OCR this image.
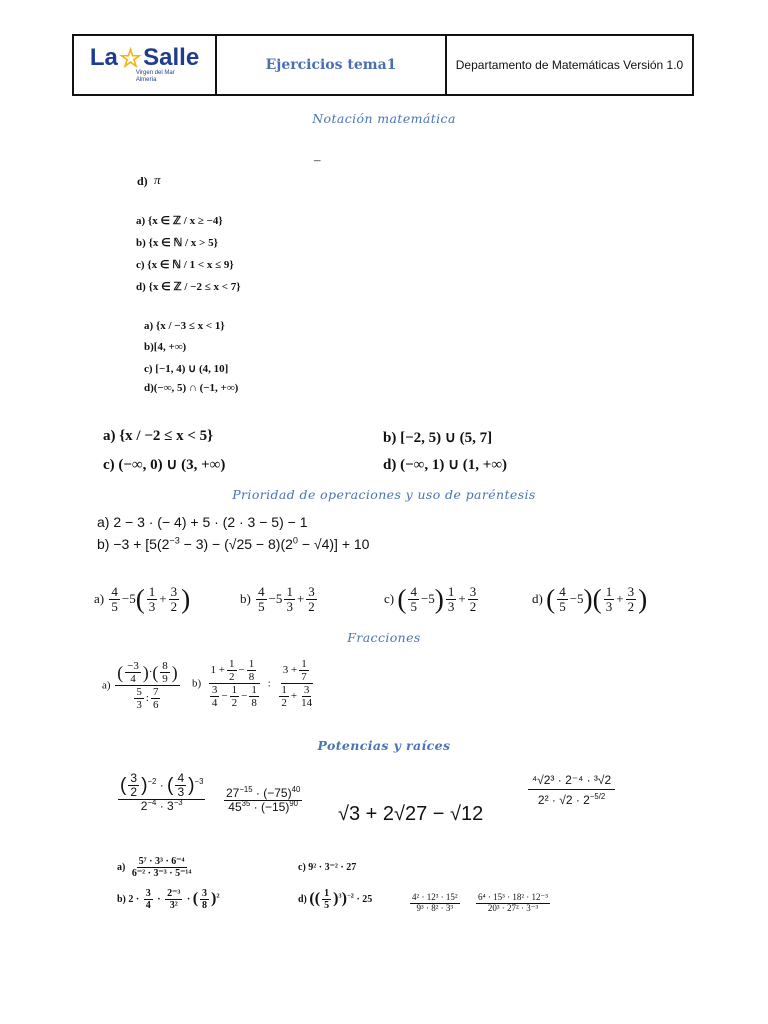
La ☆ Salle
Virgen del Mar
Almería
Ejercicios tema1	Departamento de Matemáticas Versión 1.0
Notación matemática
–
d) π
a) {x ∈ ℤ / x ≥ −4}
b) {x ∈ ℕ / x > 5}
c) {x ∈ ℕ / 1 < x ≤ 9}
d) {x ∈ ℤ / −2 ≤ x < 7}
a) {x / −3 ≤ x < 1}
b)[4, +∞)
c) [−1, 4) ∪ (4, 10]
d)(−∞, 5) ∩ (−1, +∞)
a) {x / −2 ≤ x < 5}
c) (−∞, 0) ∪ (3, +∞)
b) [−2, 5) ∪ (5, 7]
d) (−∞, 1) ∪ (1, +∞)
Prioridad de operaciones y uso de paréntesis
a) 2 − 3 · (− 4) + 5 · (2 · 3 − 5) − 1
$b) -3 + [5(2^{-3} - 3) - (√25 - 8)(2^0 - √4)] + 10$
$a) \frac{4}{5} -5( \frac{1}{3} + \frac{3}{2}$ )	$b) \frac{4}{5} -5 \frac{1}{3} + \frac{3}{2}$	c) ( $\frac{4}{5} -5) \frac{1}{3} + \frac{3}{2}$	d) ( $\frac{4}{5} -5)( \frac{1}{3} + \frac{3}{2}$ )
Fracciones
$a) \frac{( \frac{-3}{4} )\cdot( \frac{8}{9} )}{\frac{5}{3} : \frac{7}{6}} b) \frac{1 + \frac{1}{2} - \frac{1}{8}}{\frac{3}{4} - \frac{1}{2} - \frac{1}{8}}$ : $\frac{3 + \frac{1}{7}}{\frac{1}{2} + \frac{3}{14}}$
Potencias y raíces
$\frac{( \frac{3}{2} )^{-2} \cdot ( \frac{4}{3} )^{-3}}{2^{-4} \cdot 3^{-3}} \frac{27^{-15} \cdot (-75)^{40}}{45^{35} \cdot (-15)^{90}} √3 + 2√27 - √12$
$\frac{\text{⁴√2³ · 2⁻⁴ · ³√2}}{2^2 \cdot √2 \cdot 2^{-5/2}}$
$a) \frac{\text{5⁷ · 3³ · 6⁻⁴}}{\text{6⁻² · 3⁻³ · 5⁻¹⁴}}$
b) $2 \cdot \frac{3}{4} \cdot \frac{\text{2⁻³}}{\text{3²}}$ · ( $\frac{3}{8} )^2$
c) 9² · 3⁻² · 27
d) (( $\frac{1}{5} )^3)^{-2} \cdot 25$	$\frac{\text{4² · 12³ · 15²}}{\text{9³ · 8² · 3³}} \frac{\text{6⁴ · 15³ · 18² · 12⁻³}}{\text{20³ · 27² · 3⁻³}}$
